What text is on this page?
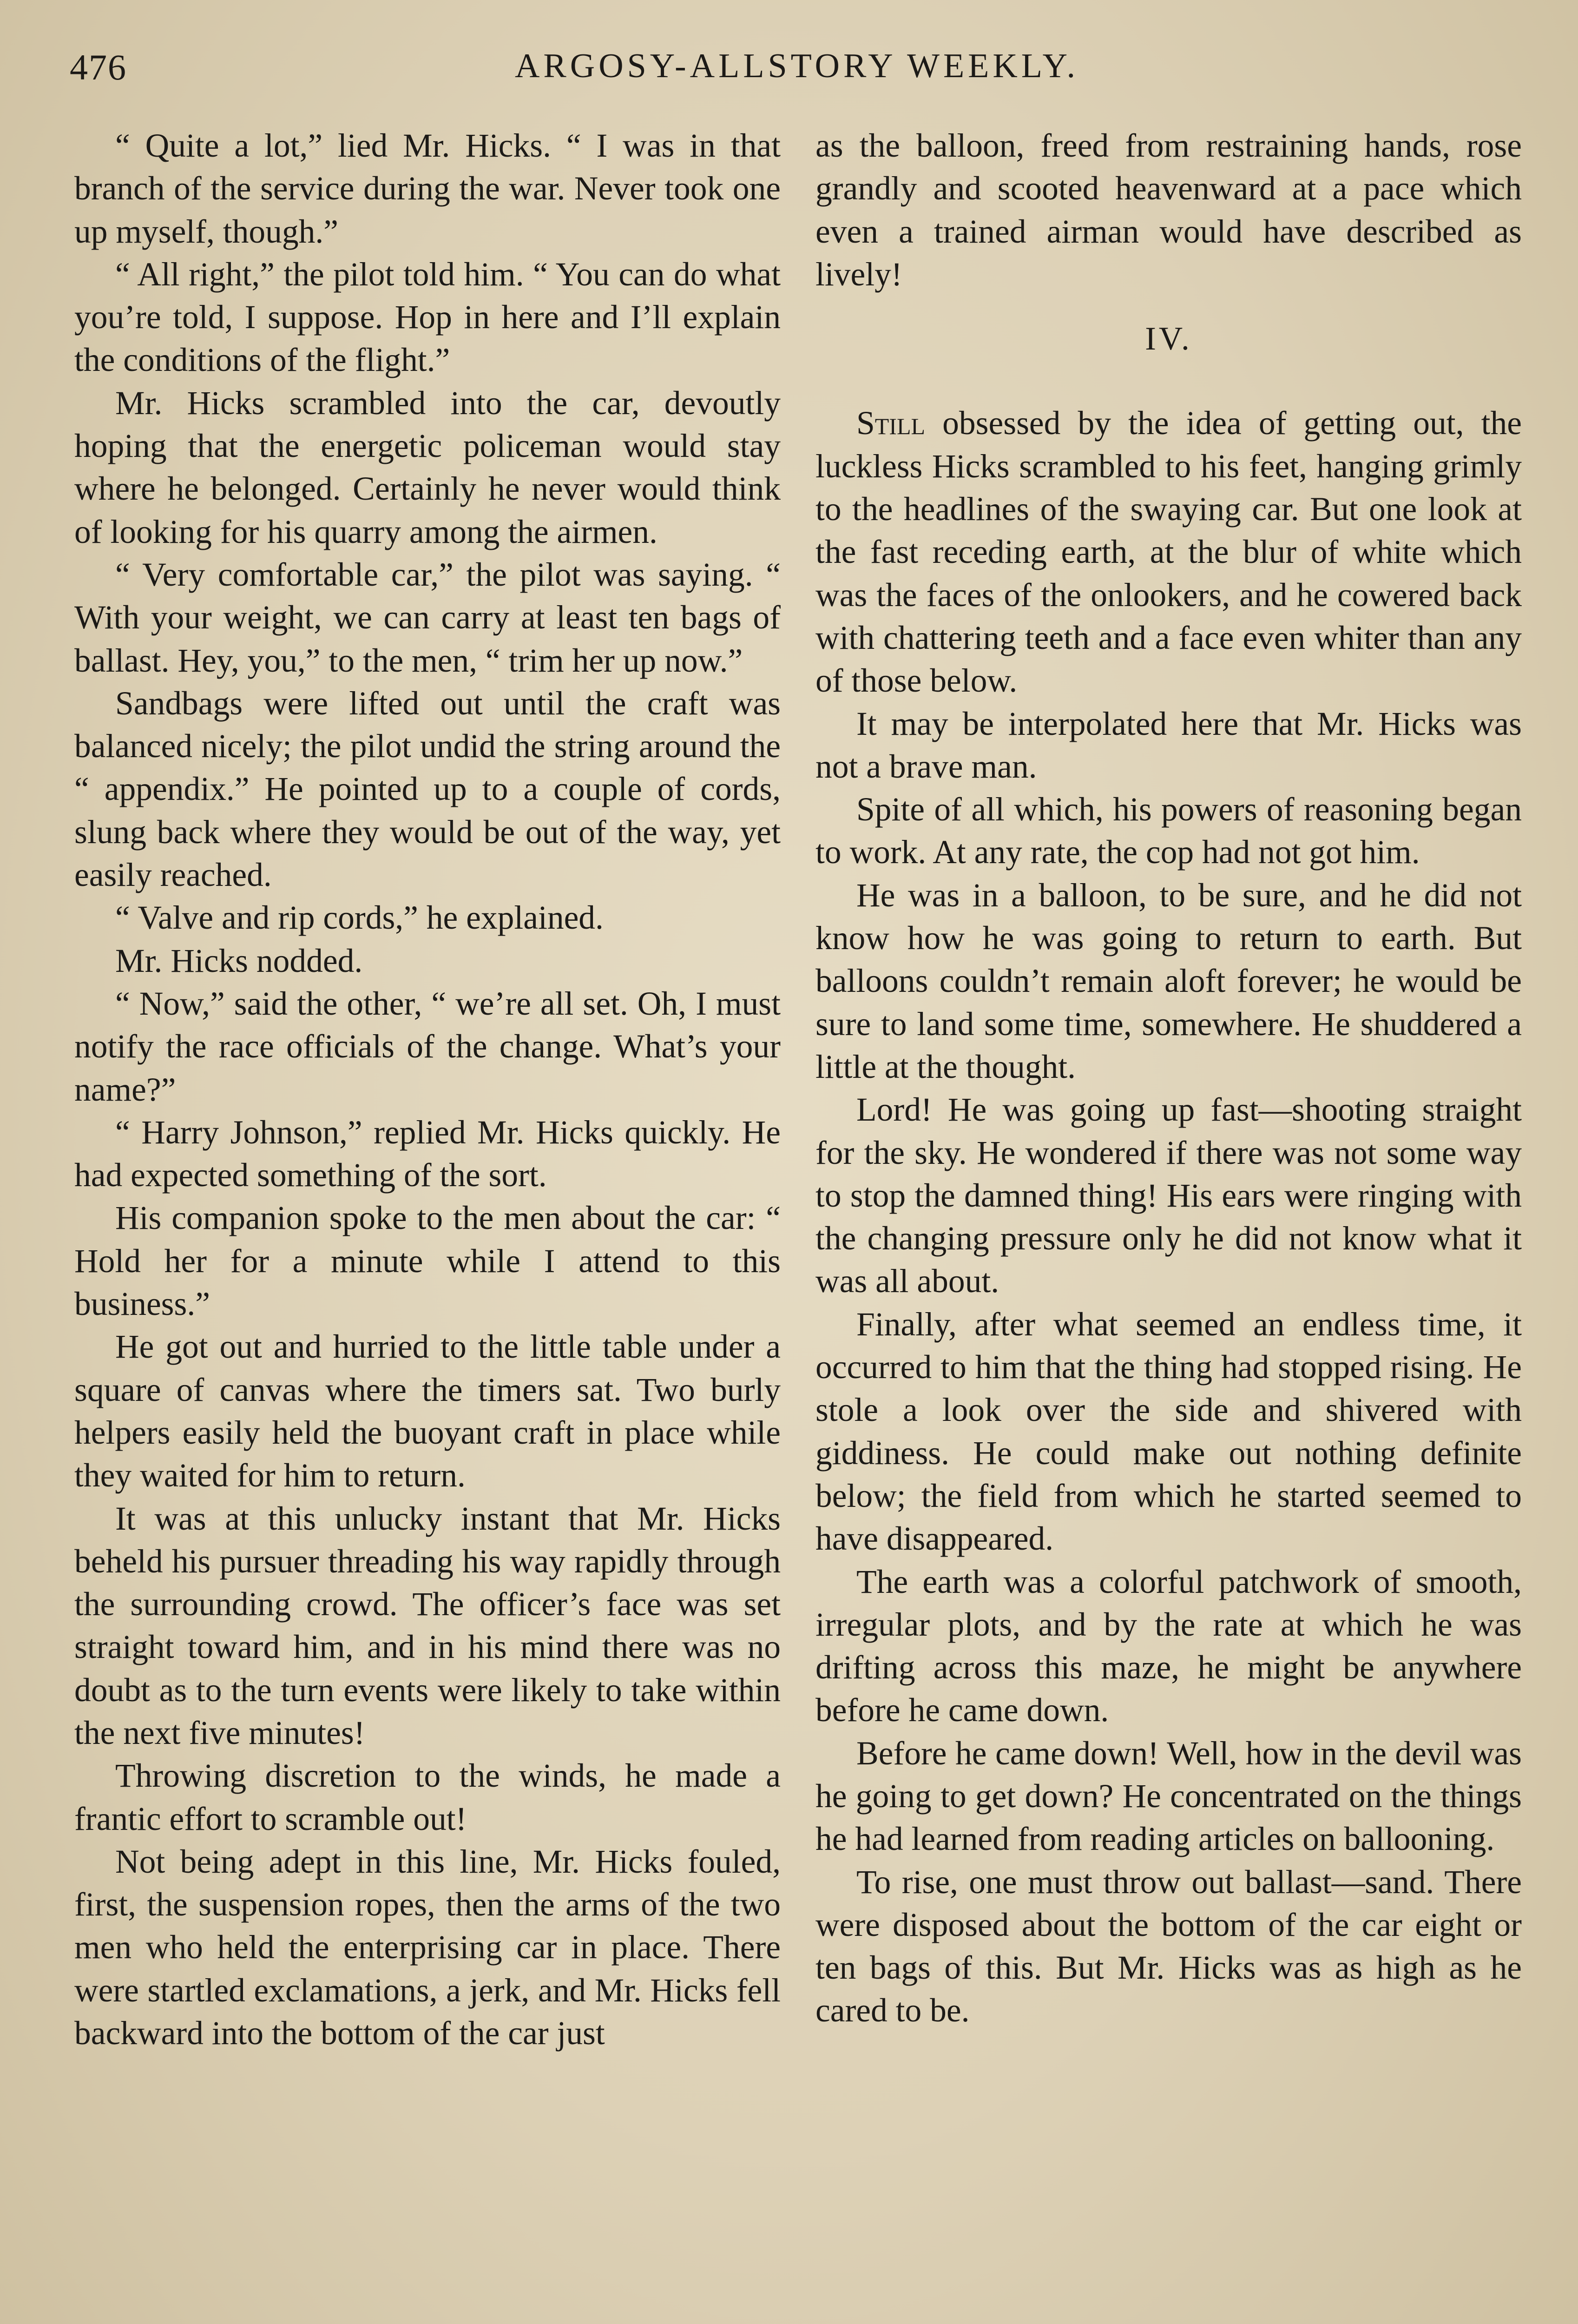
476	ARGOSY-ALLSTORY WEEKLY.

“ Quite a lot,” lied Mr. Hicks. “ I was in that branch of the service during the war. Never took one up myself, though.”

“ All right,” the pilot told him. “ You can do what you’re told, I suppose. Hop in here and I’ll explain the conditions of the flight.”

Mr. Hicks scrambled into the car, devoutly hoping that the energetic policeman would stay where he belonged. Certainly he never would think of looking for his quarry among the airmen.

“ Very comfortable car,” the pilot was saying. “ With your weight, we can carry at least ten bags of ballast. Hey, you,” to the men, “ trim her up now.”

Sandbags were lifted out until the craft was balanced nicely; the pilot undid the string around the “ appendix.” He pointed up to a couple of cords, slung back where they would be out of the way, yet easily reached.

“ Valve and rip cords,” he explained.

Mr. Hicks nodded.

“ Now,” said the other, “ we’re all set. Oh, I must notify the race officials of the change. What’s your name?”

“ Harry Johnson,” replied Mr. Hicks quickly. He had expected something of the sort.

His companion spoke to the men about the car: “ Hold her for a minute while I attend to this business.”

He got out and hurried to the little table under a square of canvas where the timers sat. Two burly helpers easily held the buoyant craft in place while they waited for him to return.

It was at this unlucky instant that Mr. Hicks beheld his pursuer threading his way rapidly through the surrounding crowd. The officer’s face was set straight toward him, and in his mind there was no doubt as to the turn events were likely to take within the next five minutes!

Throwing discretion to the winds, he made a frantic effort to scramble out!

Not being adept in this line, Mr. Hicks fouled, first, the suspension ropes, then the arms of the two men who held the enterprising car in place. There were startled exclamations, a jerk, and Mr. Hicks fell backward into the bottom of the car just

as the balloon, freed from restraining hands, rose grandly and scooted heavenward at a pace which even a trained airman would have described as lively!

IV.

Still obsessed by the idea of getting out, the luckless Hicks scrambled to his feet, hanging grimly to the headlines of the swaying car. But one look at the fast receding earth, at the blur of white which was the faces of the onlookers, and he cowered back with chattering teeth and a face even whiter than any of those below.

It may be interpolated here that Mr. Hicks was not a brave man.

Spite of all which, his powers of reasoning began to work. At any rate, the cop had not got him.

He was in a balloon, to be sure, and he did not know how he was going to return to earth. But balloons couldn’t remain aloft forever; he would be sure to land some time, somewhere. He shuddered a little at the thought.

Lord! He was going up fast—shooting straight for the sky. He wondered if there was not some way to stop the damned thing! His ears were ringing with the changing pressure only he did not know what it was all about.

Finally, after what seemed an endless time, it occurred to him that the thing had stopped rising. He stole a look over the side and shivered with giddiness. He could make out nothing definite below; the field from which he started seemed to have disappeared.

The earth was a colorful patchwork of smooth, irregular plots, and by the rate at which he was drifting across this maze, he might be anywhere before he came down.

Before he came down! Well, how in the devil was he going to get down? He concentrated on the things he had learned from reading articles on ballooning.

To rise, one must throw out ballast—sand. There were disposed about the bottom of the car eight or ten bags of this. But Mr. Hicks was as high as he cared to be.
